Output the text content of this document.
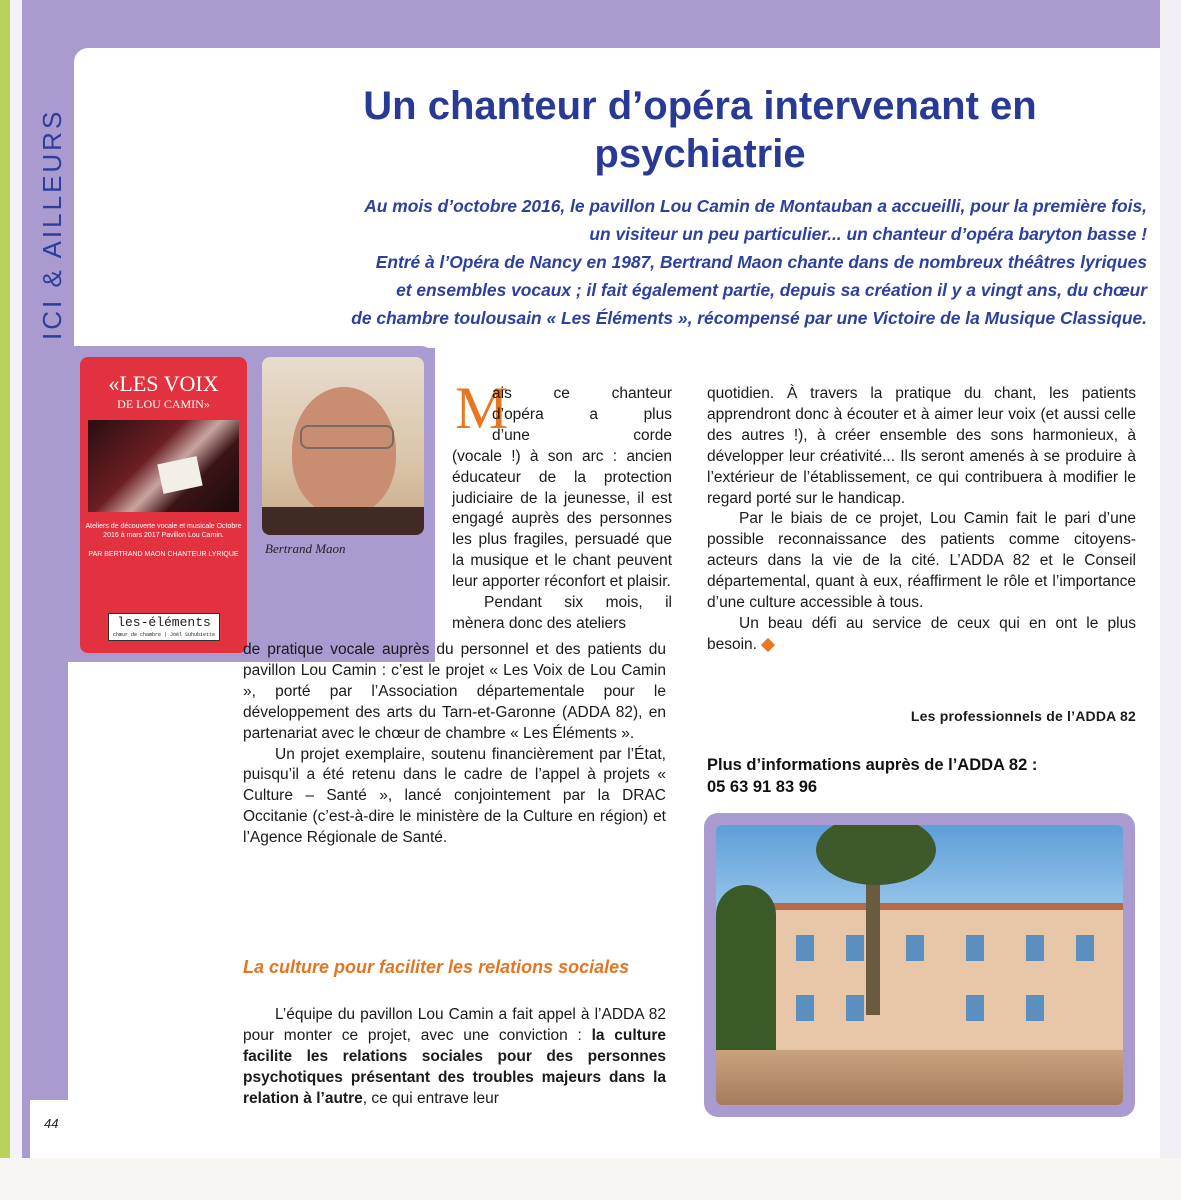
ICI & AILLEURS
Un chanteur d’opéra intervenant en psychiatrie
Au mois d’octobre 2016, le pavillon Lou Camin de Montauban a accueilli, pour la première fois,
un visiteur un peu particulier... un chanteur d’opéra baryton basse !
Entré à l’Opéra de Nancy en 1987, Bertrand Maon chante dans de nombreux théâtres lyriques
et ensembles vocaux ; il fait également partie, depuis sa création il y a vingt ans, du chœur
de chambre toulousain « Les Éléments », récompensé par une Victoire de la Musique Classique.
«LES VOIX
DE LOU CAMIN»
Ateliers de découverte vocale et musicale Octobre 2016 à mars 2017 Pavillon Lou Camin.
PAR BERTRAND MAON CHANTEUR LYRIQUE
les-éléments
chœur de chambre | Joël Suhubiette
Bertrand Maon
M
ais ce chanteur
d’opéra a plus
d’une corde

(vocale !) à son arc : ancien éducateur de la protection judiciaire de la jeunesse, il est engagé auprès des personnes les plus fragiles, persuadé que la musique et le chant peuvent leur apporter réconfort et plaisir.

Pendant six mois, il mènera donc des ateliers

de pratique vocale auprès du personnel et des patients du pavillon Lou Camin : c’est le projet « Les Voix de Lou Camin », porté par l’Association départementale pour le développement des arts du Tarn-et-Garonne (ADDA 82), en partenariat avec le chœur de chambre « Les Éléments ».

Un projet exemplaire, soutenu financièrement par l’État, puisqu’il a été retenu dans le cadre de l’appel à projets « Culture – Santé », lancé conjointement par la DRAC Occitanie (c’est-à-dire le ministère de la Culture en région) et l’Agence Régionale de Santé.

La culture pour faciliter les relations sociales

L’équipe du pavillon Lou Camin a fait appel à l’ADDA 82 pour monter ce projet, avec une conviction : la culture facilite les relations sociales pour des personnes psychotiques présentant des troubles majeurs dans la relation à l’autre, ce qui entrave leur

quotidien. À travers la pratique du chant, les patients apprendront donc à écouter et à aimer leur voix (et aussi celle des autres !), à créer ensemble des sons harmonieux, à développer leur créativité... Ils seront amenés à se produire à l’extérieur de l’établissement, ce qui contribuera à modifier le regard porté sur le handicap.

Par le biais de ce projet, Lou Camin fait le pari d’une possible reconnaissance des patients comme citoyens-acteurs dans la vie de la cité. L’ADDA 82 et le Conseil départemental, quant à eux, réaffirment le rôle et l’importance d’une culture accessible à tous.

Un beau défi au service de ceux qui en ont le plus besoin.

Les professionnels de l’ADDA 82
Plus d’informations auprès de l’ADDA 82 :
05 63 91 83 96
44
